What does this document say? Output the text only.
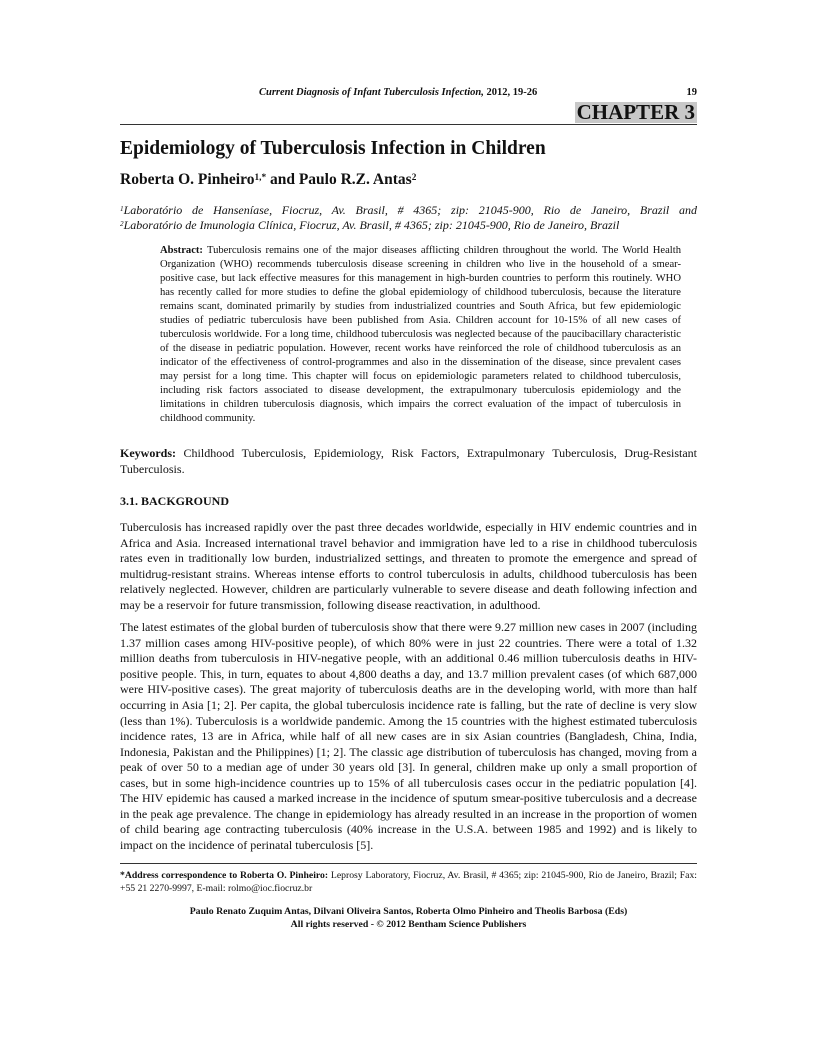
Current Diagnosis of Infant Tuberculosis Infection, 2012, 19-26	19
CHAPTER 3
Epidemiology of Tuberculosis Infection in Children
Roberta O. Pinheiro$^{1,*}$ and Paulo R.Z. Antas$^2$
$^1$Laboratório de Hanseníase, Fiocruz, Av. Brasil, # 4365; zip: 21045-900, Rio de Janeiro, Brazil and
$^2$Laboratório de Imunologia Clínica, Fiocruz, Av. Brasil, # 4365; zip: 21045-900, Rio de Janeiro, Brazil
Abstract: Tuberculosis remains one of the major diseases afflicting children throughout the world. The World Health Organization (WHO) recommends tuberculosis disease screening in children who live in the household of a smear-positive case, but lack effective measures for this management in high-burden countries to perform this routinely. WHO has recently called for more studies to define the global epidemiology of childhood tuberculosis, because the literature remains scant, dominated primarily by studies from industrialized countries and South Africa, but few epidemiologic studies of pediatric tuberculosis have been published from Asia. Children account for 10-15% of all new cases of tuberculosis worldwide. For a long time, childhood tuberculosis was neglected because of the paucibacillary characteristic of the disease in pediatric population. However, recent works have reinforced the role of childhood tuberculosis as an indicator of the effectiveness of control-programmes and also in the dissemination of the disease, since prevalent cases may persist for a long time. This chapter will focus on epidemiologic parameters related to childhood tuberculosis, including risk factors associated to disease development, the extrapulmonary tuberculosis epidemiology and the limitations in children tuberculosis diagnosis, which impairs the correct evaluation of the impact of tuberculosis in childhood community.
Keywords: Childhood Tuberculosis, Epidemiology, Risk Factors, Extrapulmonary Tuberculosis, Drug-Resistant Tuberculosis.
3.1. BACKGROUND
Tuberculosis has increased rapidly over the past three decades worldwide, especially in HIV endemic countries and in Africa and Asia. Increased international travel behavior and immigration have led to a rise in childhood tuberculosis rates even in traditionally low burden, industrialized settings, and threaten to promote the emergence and spread of multidrug-resistant strains. Whereas intense efforts to control tuberculosis in adults, childhood tuberculosis has been relatively neglected. However, children are particularly vulnerable to severe disease and death following infection and may be a reservoir for future transmission, following disease reactivation, in adulthood.
The latest estimates of the global burden of tuberculosis show that there were 9.27 million new cases in 2007 (including 1.37 million cases among HIV-positive people), of which 80% were in just 22 countries. There were a total of 1.32 million deaths from tuberculosis in HIV-negative people, with an additional 0.46 million tuberculosis deaths in HIV-positive people. This, in turn, equates to about 4,800 deaths a day, and 13.7 million prevalent cases (of which 687,000 were HIV-positive cases). The great majority of tuberculosis deaths are in the developing world, with more than half occurring in Asia [1; 2]. Per capita, the global tuberculosis incidence rate is falling, but the rate of decline is very slow (less than 1%). Tuberculosis is a worldwide pandemic. Among the 15 countries with the highest estimated tuberculosis incidence rates, 13 are in Africa, while half of all new cases are in six Asian countries (Bangladesh, China, India, Indonesia, Pakistan and the Philippines) [1; 2]. The classic age distribution of tuberculosis has changed, moving from a peak of over 50 to a median age of under 30 years old [3]. In general, children make up only a small proportion of cases, but in some high-incidence countries up to 15% of all tuberculosis cases occur in the pediatric population [4]. The HIV epidemic has caused a marked increase in the incidence of sputum smear-positive tuberculosis and a decrease in the peak age prevalence. The change in epidemiology has already resulted in an increase in the proportion of women of child bearing age contracting tuberculosis (40% increase in the U.S.A. between 1985 and 1992) and is likely to impact on the incidence of perinatal tuberculosis [5].
*Address correspondence to Roberta O. Pinheiro: Leprosy Laboratory, Fiocruz, Av. Brasil, # 4365; zip: 21045-900, Rio de Janeiro, Brazil; Fax: +55 21 2270-9997, E-mail: rolmo@ioc.fiocruz.br
Paulo Renato Zuquim Antas, Dilvani Oliveira Santos, Roberta Olmo Pinheiro and Theolis Barbosa (Eds)
All rights reserved - © 2012 Bentham Science Publishers
